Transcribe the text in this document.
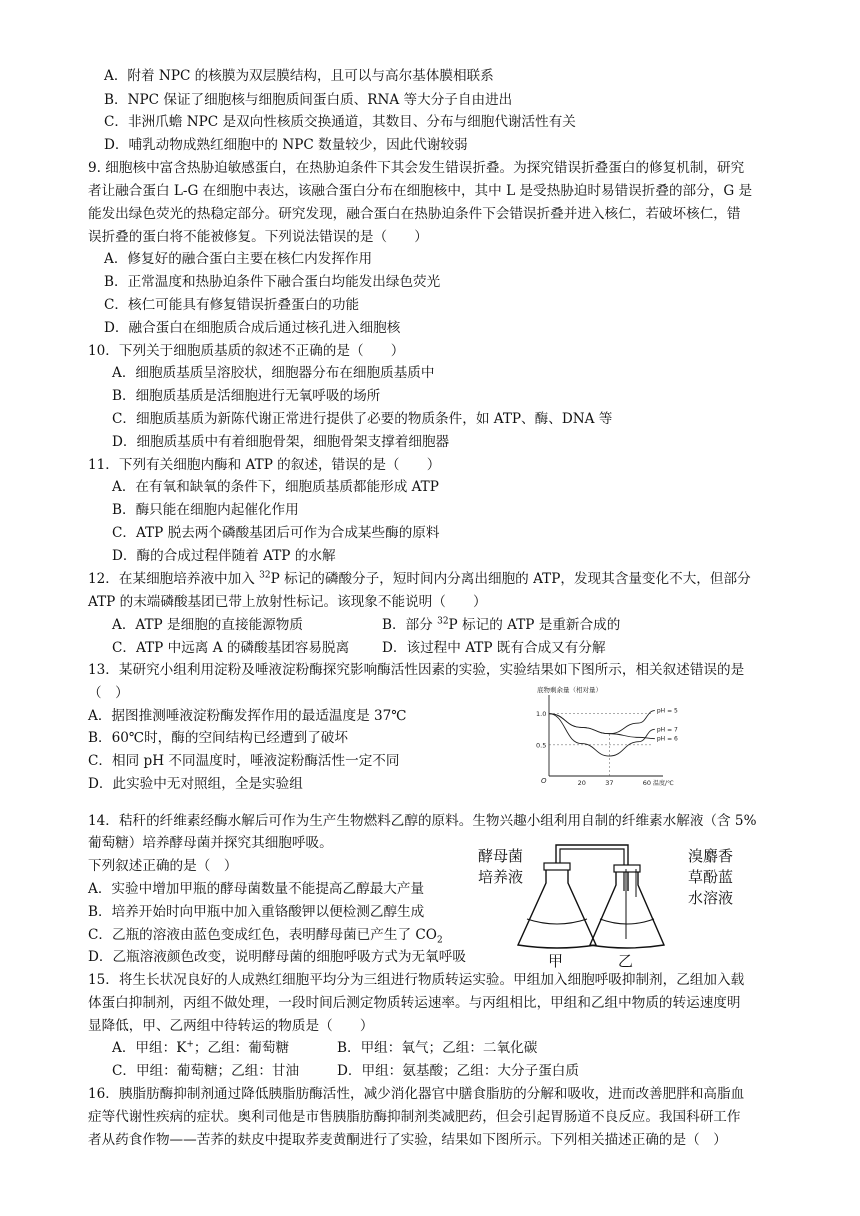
A．附着 NPC 的核膜为双层膜结构，且可以与高尔基体膜相联系
B．NPC 保证了细胞核与细胞质间蛋白质、RNA 等大分子自由进出
C．非洲爪蟾 NPC 是双向性核质交换通道，其数目、分布与细胞代谢活性有关
D．哺乳动物成熟红细胞中的 NPC 数量较少，因此代谢较弱
9. 细胞核中富含热胁迫敏感蛋白，在热胁迫条件下其会发生错误折叠。为探究错误折叠蛋白的修复机制，研究
者让融合蛋白 L-G 在细胞中表达，该融合蛋白分布在细胞核中，其中 L 是受热胁迫时易错误折叠的部分，G 是
能发出绿色荧光的热稳定部分。研究发现，融合蛋白在热胁迫条件下会错误折叠并进入核仁，若破坏核仁，错
误折叠的蛋白将不能被修复。下列说法错误的是（　　）
A．修复好的融合蛋白主要在核仁内发挥作用
B．正常温度和热胁迫条件下融合蛋白均能发出绿色荧光
C．核仁可能具有修复错误折叠蛋白的功能
D．融合蛋白在细胞质合成后通过核孔进入细胞核
10．下列关于细胞质基质的叙述不正确的是（　　）
A．细胞质基质呈溶胶状，细胞器分布在细胞质基质中
B．细胞质基质是活细胞进行无氧呼吸的场所
C．细胞质基质为新陈代谢正常进行提供了必要的物质条件，如 ATP、酶、DNA 等
D．细胞质基质中有着细胞骨架，细胞骨架支撑着细胞器
11．下列有关细胞内酶和 ATP 的叙述，错误的是（　　）
A．在有氧和缺氧的条件下，细胞质基质都能形成 ATP
B．酶只能在细胞内起催化作用
C．ATP 脱去两个磷酸基团后可作为合成某些酶的原料
D．酶的合成过程伴随着 ATP 的水解
12．在某细胞培养液中加入 $^{32}$P 标记的磷酸分子，短时间内分离出细胞的 ATP，发现其含量变化不大，但部分
ATP 的末端磷酸基团已带上放射性标记。该现象不能说明（　　）
A．ATP 是细胞的直接能源物质	B．部分 $^{32}$P 标记的 ATP 是重新合成的
C．ATP 中远离 A 的磷酸基团容易脱离 D．该过程中 ATP 既有合成又有分解
13．某研究小组利用淀粉及唾液淀粉酶探究影响酶活性因素的实验，实验结果如下图所示，相关叙述错误的是
（　）
A．据图推测唾液淀粉酶发挥作用的最适温度是 37℃
B．60℃时，酶的空间结构已经遭到了破坏
C．相同 pH 不同温度时，唾液淀粉酶活性一定不同
D．此实验中无对照组，全是实验组
底物剩余量（相对量）
温度/℃
O
1.0
0.5
20	37	60
pH = 5
pH = 7
pH = 6
14．秸秆的纤维素经酶水解后可作为生产生物燃料乙醇的原料。生物兴趣小组利用自制的纤维素水解液（含 5%
葡萄糖）培养酵母菌并探究其细胞呼吸。
下列叙述正确的是（　）
A．实验中增加甲瓶的酵母菌数量不能提高乙醇最大产量
B．培养开始时向甲瓶中加入重铬酸钾以便检测乙醇生成
C．乙瓶的溶液由蓝色变成红色，表明酵母菌已产生了 $CO_2$
D．乙瓶溶液颜色改变，说明酵母菌的细胞呼吸方式为无氧呼吸
酵母菌
培养液
溴麝香
草酚蓝
水溶液
甲	乙
15．将生长状况良好的人成熟红细胞平均分为三组进行物质转运实验。甲组加入细胞呼吸抑制剂，乙组加入载
体蛋白抑制剂，丙组不做处理，一段时间后测定物质转运速率。与丙组相比，甲组和乙组中物质的转运速度明
显降低，甲、乙两组中待转运的物质是（　　）
A．甲组：K+；乙组：葡萄糖	B．甲组：氧气；乙组：二氧化碳
C．甲组：葡萄糖；乙组：甘油	D．甲组：氨基酸；乙组：大分子蛋白质
16．胰脂肪酶抑制剂通过降低胰脂肪酶活性，减少消化器官中膳食脂肪的分解和吸收，进而改善肥胖和高脂血
症等代谢性疾病的症状。奥利司他是市售胰脂肪酶抑制剂类减肥药，但会引起胃肠道不良反应。我国科研工作
者从药食作物——苦荞的麸皮中提取荞麦黄酮进行了实验，结果如下图所示。下列相关描述正确的是（　）
